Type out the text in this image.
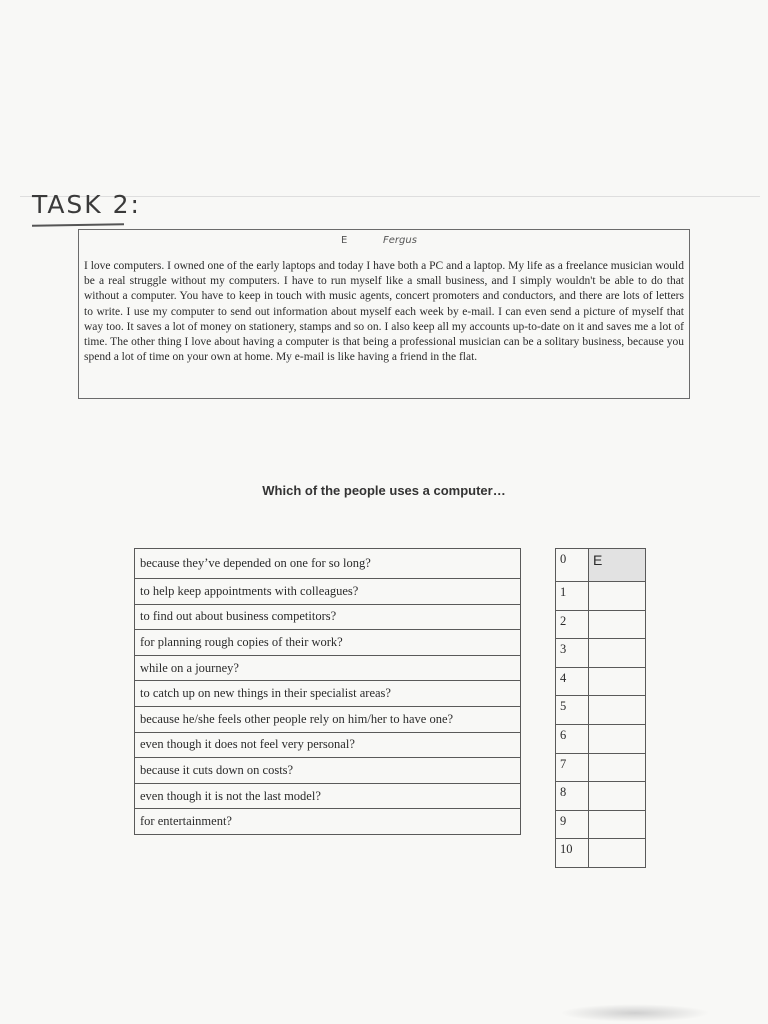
TASK 2:
E	Fergus
I love computers. I owned one of the early laptops and today I have both a PC and a laptop. My life as a freelance musician would be a real struggle without my computers. I have to run myself like a small business, and I simply wouldn't be able to do that without a computer. You have to keep in touch with music agents, concert promoters and conductors, and there are lots of letters to write. I use my computer to send out information about myself each week by e-mail. I can even send a picture of myself that way too. It saves a lot of money on stationery, stamps and so on. I also keep all my accounts up-to-date on it and saves me a lot of time. The other thing I love about having a computer is that being a professional musician can be a solitary business, because you spend a lot of time on your own at home. My e-mail is like having a friend in the flat.
Which of the people uses a computer…
because they’ve depended on one for so long?
to help keep appointments with colleagues?
to find out about business competitors?
for planning rough copies of their work?
while on a journey?
to catch up on new things in their specialist areas?
because he/she feels other people rely on him/her to have one?
even though it does not feel very personal?
because it cuts down on costs?
even though it is not the last model?
for entertainment?
0	E
1	
2	
3	
4	
5	
6	
7	
8	
9	
10	
